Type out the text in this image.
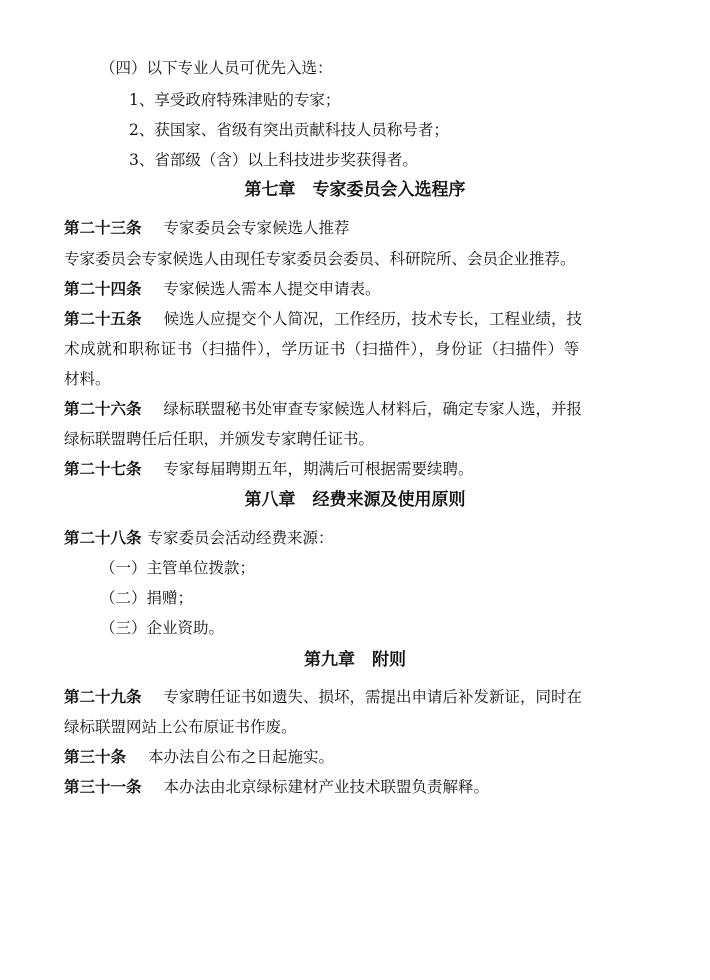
（四）以下专业人员可优先入选：
1、享受政府特殊津贴的专家；
2、获国家、省级有突出贡献科技人员称号者；
3、省部级（含）以上科技进步奖获得者。
第七章　专家委员会入选程序
第二十三条 专家委员会专家候选人推荐
专家委员会专家候选人由现任专家委员会委员、科研院所、会员企业推荐。
第二十四条 专家候选人需本人提交申请表。
第二十五条 候选人应提交个人简况，工作经历，技术专长，工程业绩，技
术成就和职称证书（扫描件），学历证书（扫描件），身份证（扫描件）等
材料。
第二十六条 绿标联盟秘书处审查专家候选人材料后，确定专家人选，并报
绿标联盟聘任后任职，并颁发专家聘任证书。
第二十七条 专家每届聘期五年，期满后可根据需要续聘。
第八章　经费来源及使用原则
第二十八条 专家委员会活动经费来源：
（一）主管单位拨款；
（二）捐赠；
（三）企业资助。
第九章　附则
第二十九条 专家聘任证书如遗失、损坏，需提出申请后补发新证，同时在
绿标联盟网站上公布原证书作废。
第三十条 本办法自公布之日起施实。
第三十一条 本办法由北京绿标建材产业技术联盟负责解释。
